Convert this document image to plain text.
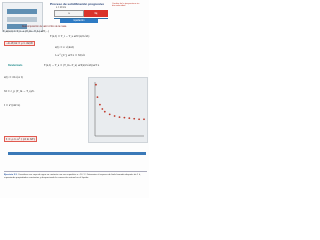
Proceso de solidificación progresivo	Cambio de la temperatura sin discontinuidad
L = 10 cm
s	liq
liquidación
Descomposición de valor crítico de la masa
T_s(x,t) = T_L + (T_m - T_L) erf(...)
T(x,t) = T_i − T_s erfc(x/2√αt)
−k ∂T/∂x = ρ L ds/dt
s(t) = λ √(4αt)
λ e^{λ²} erf λ = St/√π
Renderizado	T(x,t) − T_s = (T_m−T_s) erf(x/2√αt)/erf λ
s(t) = 2λ√(α t)
St = c_p (T_m − T_s)/L
t = s²/(4λ²α)
t = ρ L s² / (2 k ΔT)
Ejercicio 2.3. Considere una capa de agua en contacto con una superficie a −10 °C. Determine el espesor de hielo formado después de 1 h, suponiendo propiedades constantes y despreciando la convección natural en el líquido.
